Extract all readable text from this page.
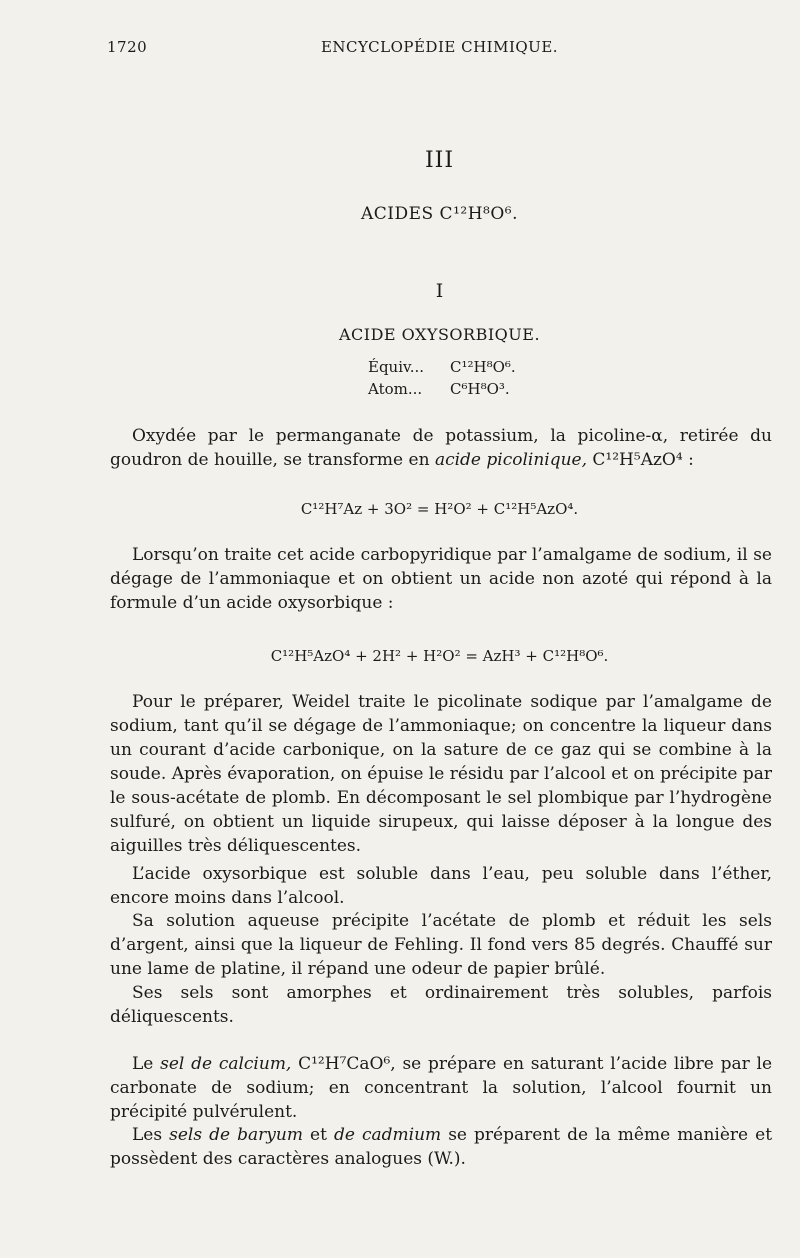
1720	ENCYCLOPÉDIE CHIMIQUE.
III
ACIDES C¹²H⁸O⁶.
I
ACIDE OXYSORBIQUE.
Équiv... C¹²H⁸O⁶.
Atom... C⁶H⁸O³.
Oxydée par le permanganate de potassium, la picoline-α, retirée du goudron de houille, se transforme en acide picolinique, C¹²H⁵AzO⁴ :
C¹²H⁷Az + 3O² = H²O² + C¹²H⁵AzO⁴.
Lorsqu’on traite cet acide carbopyridique par l’amalgame de sodium, il se dégage de l’ammoniaque et on obtient un acide non azoté qui répond à la formule d’un acide oxysorbique :
C¹²H⁵AzO⁴ + 2H² + H²O² = AzH³ + C¹²H⁸O⁶.
Pour le préparer, Weidel traite le picolinate sodique par l’amalgame de sodium, tant qu’il se dégage de l’ammoniaque; on concentre la liqueur dans un courant d’acide carbonique, on la sature de ce gaz qui se combine à la soude. Après évaporation, on épuise le résidu par l’alcool et on précipite par le sous-acétate de plomb. En décomposant le sel plombique par l’hydrogène sulfuré, on obtient un liquide sirupeux, qui laisse déposer à la longue des aiguilles très déliquescentes.
L’acide oxysorbique est soluble dans l’eau, peu soluble dans l’éther, encore moins dans l’alcool.
Sa solution aqueuse précipite l’acétate de plomb et réduit les sels d’argent, ainsi que la liqueur de Fehling. Il fond vers 85 degrés. Chauffé sur une lame de platine, il répand une odeur de papier brûlé.
Ses sels sont amorphes et ordinairement très solubles, parfois déliquescents.
Le sel de calcium, C¹²H⁷CaO⁶, se prépare en saturant l’acide libre par le carbonate de sodium; en concentrant la solution, l’alcool fournit un précipité pulvérulent.
Les sels de baryum et de cadmium se préparent de la même manière et possèdent des caractères analogues (W.).
